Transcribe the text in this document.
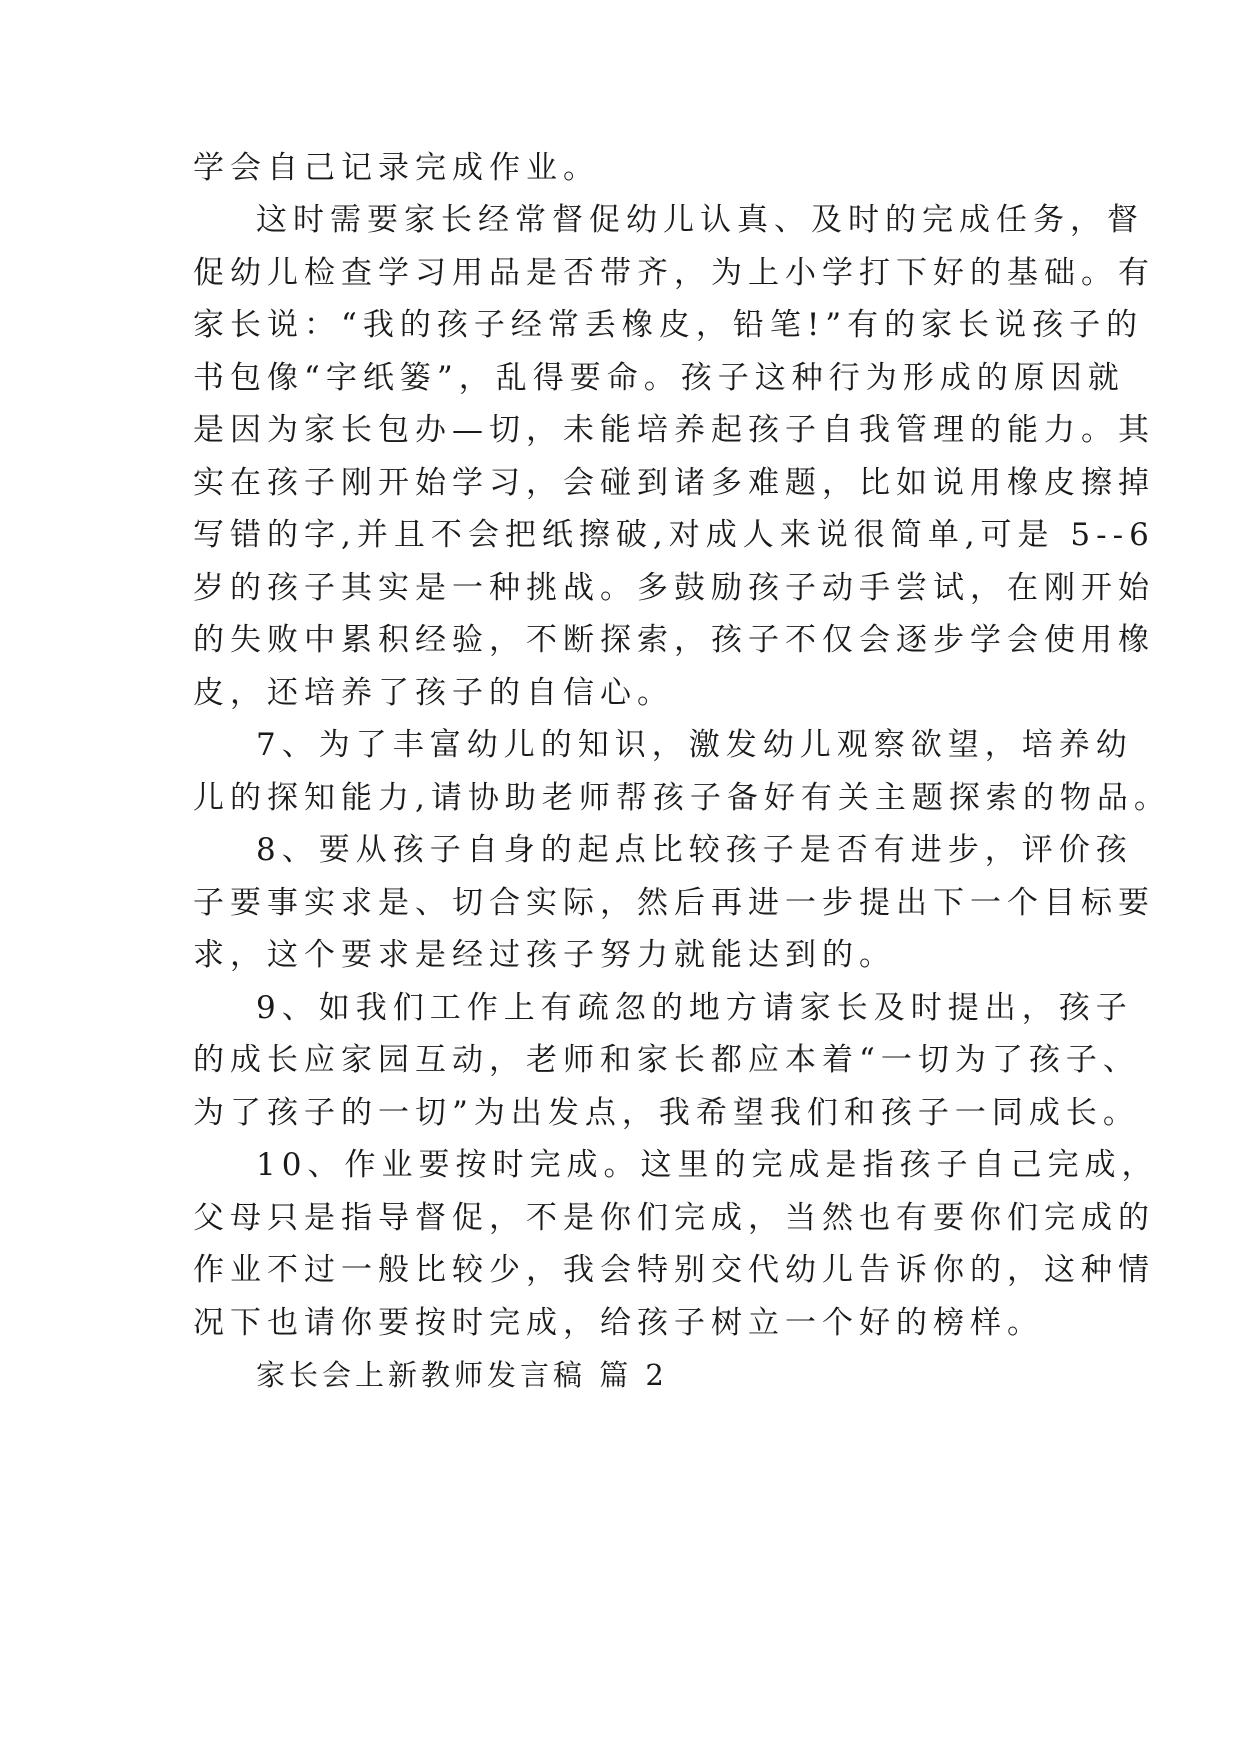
学会自己记录完成作业。
这时需要家长经常督促幼儿认真、及时的完成任务，督
促幼儿检查学习用品是否带齐，为上小学打下好的基础。有
家长说：“我的孩子经常丢橡皮，铅笔!”有的家长说孩子的
书包像“字纸篓”，乱得要命。孩子这种行为形成的原因就
是因为家长包办—切，未能培养起孩子自我管理的能力。其
实在孩子刚开始学习，会碰到诸多难题，比如说用橡皮擦掉
写错的字,并且不会把纸擦破,对成人来说很简单,可是 5--6
岁的孩子其实是一种挑战。多鼓励孩子动手尝试，在刚开始
的失败中累积经验，不断探索，孩子不仅会逐步学会使用橡
皮，还培养了孩子的自信心。
7、为了丰富幼儿的知识，激发幼儿观察欲望，培养幼
儿的探知能力,请协助老师帮孩子备好有关主题探索的物品。
8、要从孩子自身的起点比较孩子是否有进步，评价孩
子要事实求是、切合实际，然后再进一步提出下一个目标要
求，这个要求是经过孩子努力就能达到的。
9、如我们工作上有疏忽的地方请家长及时提出，孩子
的成长应家园互动，老师和家长都应本着“一切为了孩子、
为了孩子的一切”为出发点，我希望我们和孩子一同成长。
10、作业要按时完成。这里的完成是指孩子自己完成，
父母只是指导督促，不是你们完成，当然也有要你们完成的
作业不过一般比较少，我会特别交代幼儿告诉你的，这种情
况下也请你要按时完成，给孩子树立一个好的榜样。
家长会上新教师发言稿 篇 2
